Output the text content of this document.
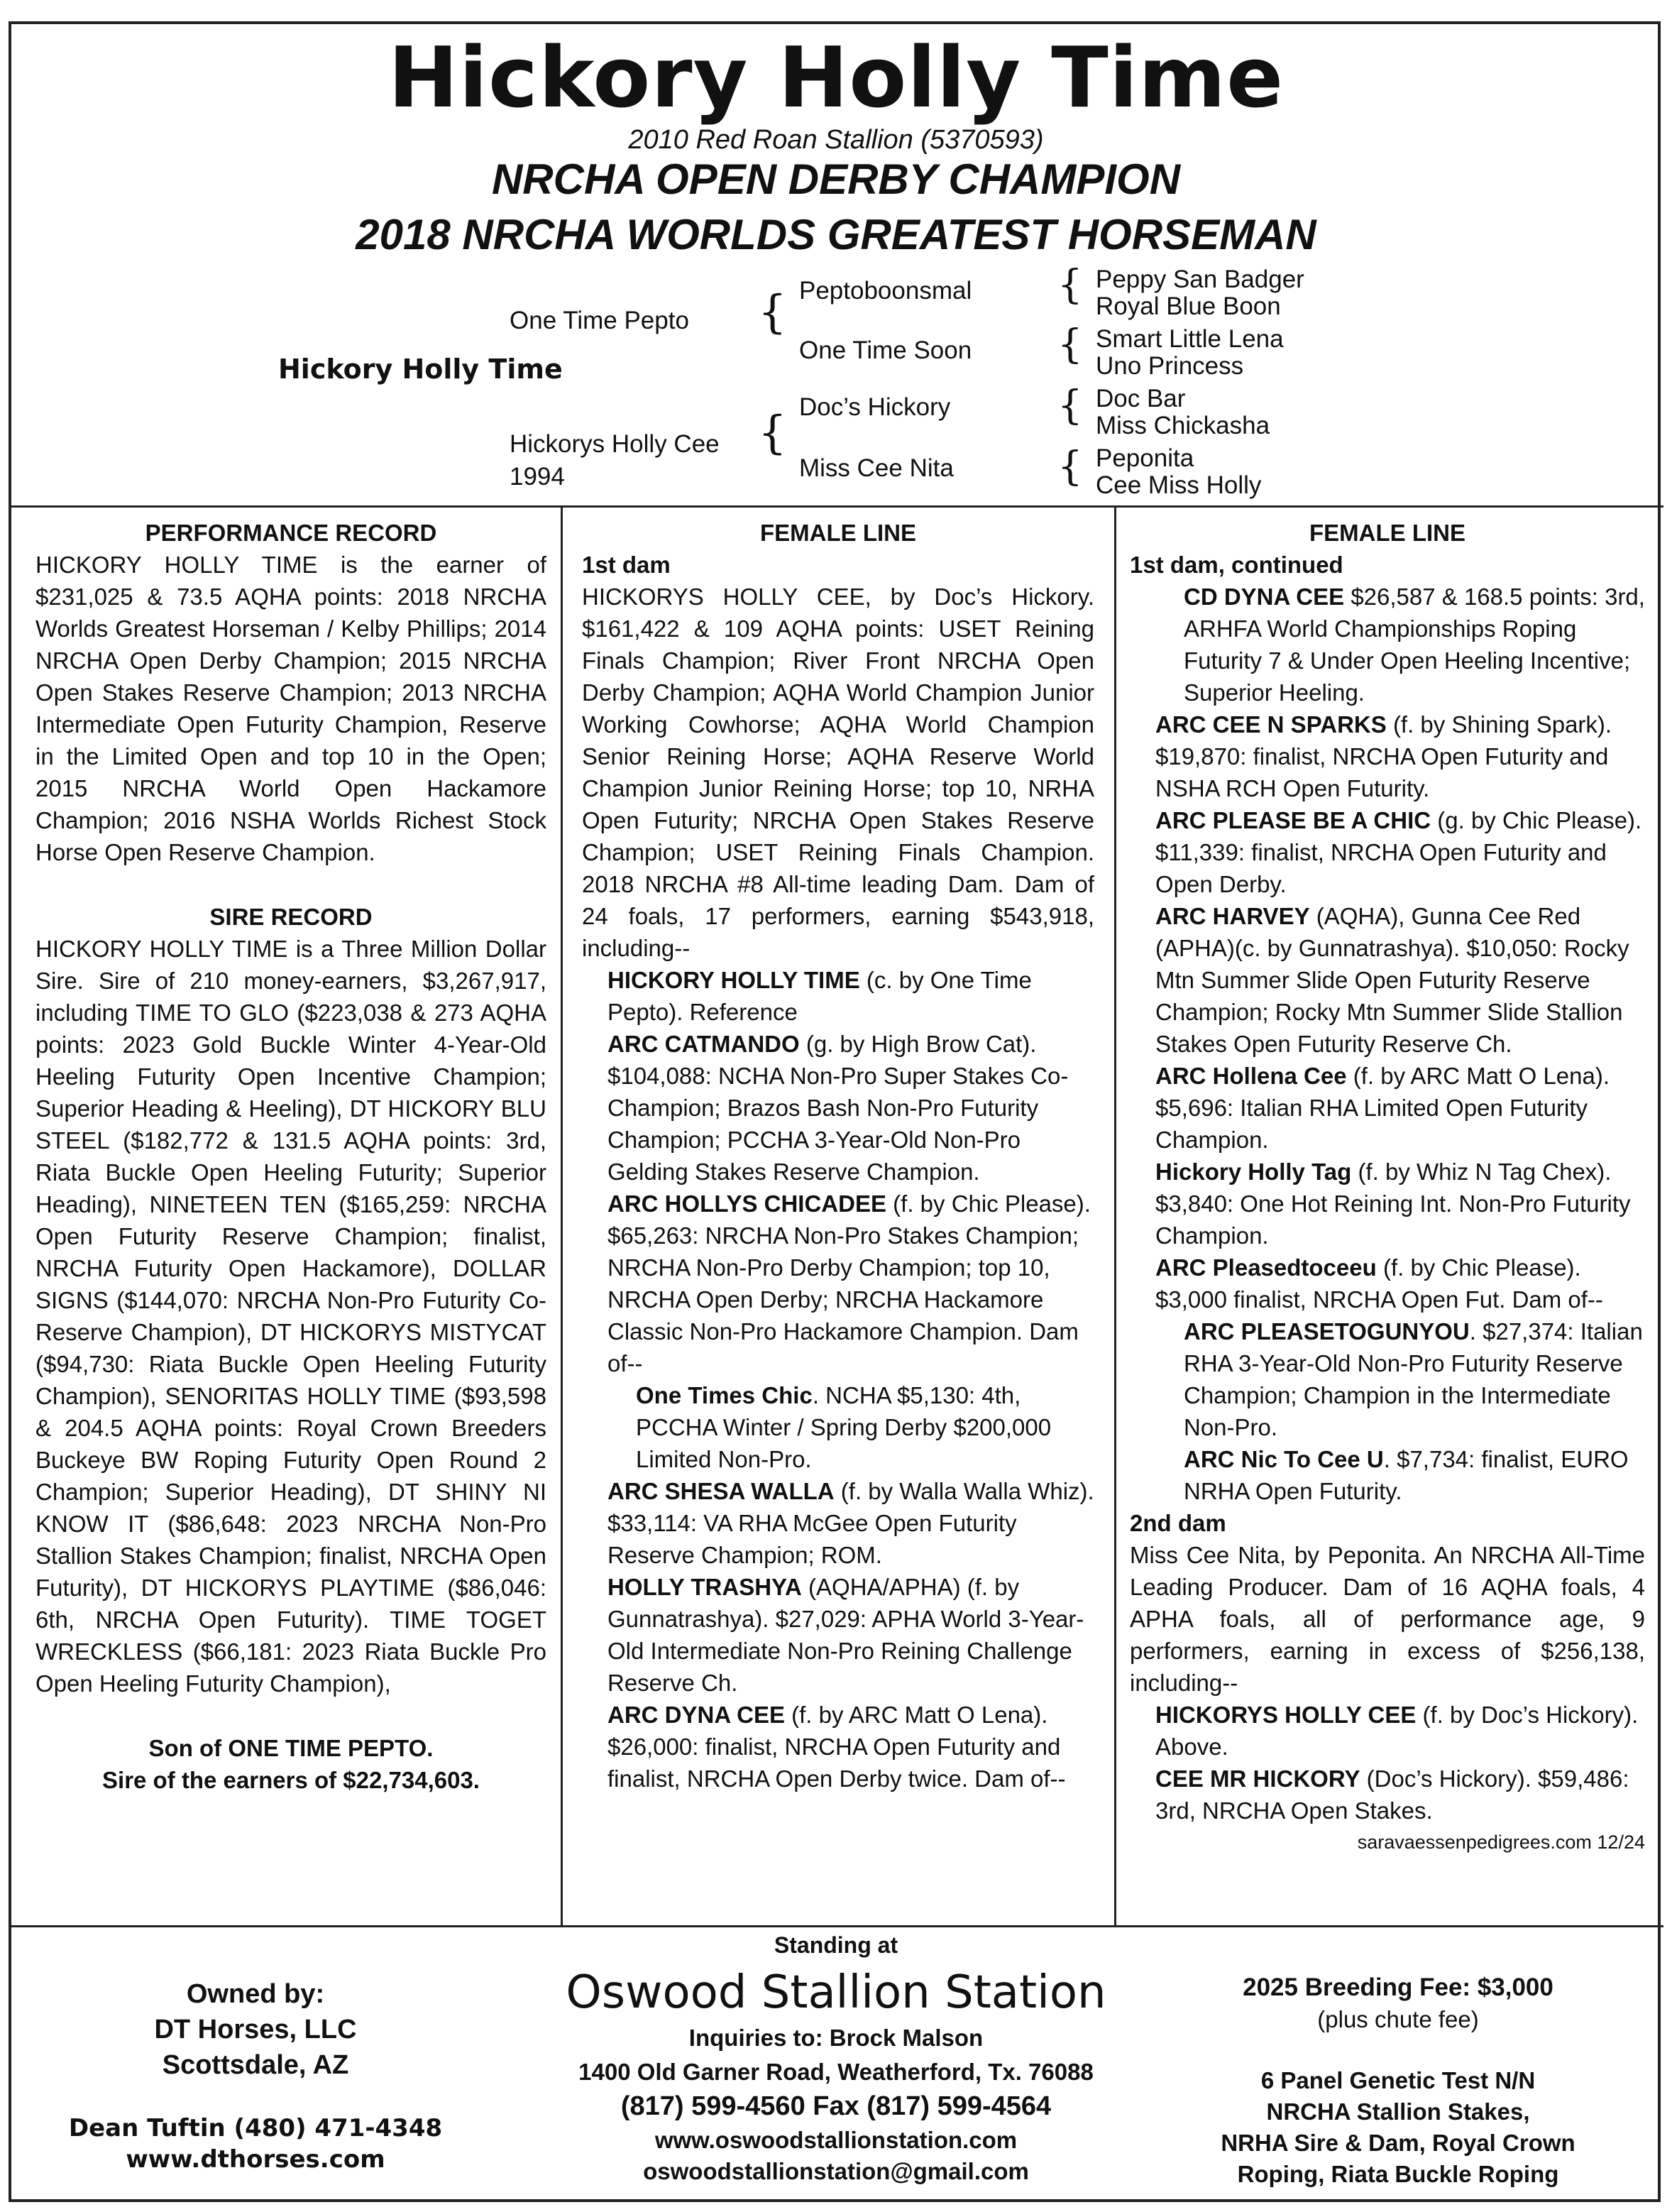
Hickory Holly Time
2010 Red Roan Stallion (5370593)
NRCHA OPEN DERBY CHAMPION
2018 NRCHA WORLDS GREATEST HORSEMAN
Hickory Holly Time
One Time Pepto
Hickorys Holly Cee
1994
{
{
Peptoboonsmal
One Time Soon
Doc’s Hickory
Miss Cee Nita
{
{
{
{
Peppy San Badger
Royal Blue Boon
Smart Little Lena
Uno Princess
Doc Bar
Miss Chickasha
Peponita
Cee Miss Holly
PERFORMANCE RECORD

HICKORY HOLLY TIME is the earner of $231,025 & 73.5 AQHA points: 2018 NRCHA Worlds Greatest Horseman / Kelby Phillips; 2014 NRCHA Open Derby Champion; 2015 NRCHA Open Stakes Reserve Champion; 2013 NRCHA Intermediate Open Futurity Champion, Reserve in the Limited Open and top 10 in the Open; 2015 NRCHA World Open Hackamore Champion; 2016 NSHA Worlds Richest Stock Horse Open Reserve Champion.

SIRE RECORD

HICKORY HOLLY TIME is a Three Million Dollar Sire. Sire of 210 money-earners, $3,267,917, including TIME TO GLO ($223,038 & 273 AQHA points: 2023 Gold Buckle Winter 4-Year-Old Heeling Futurity Open Incentive Champion; Superior Heading & Heeling), DT HICKORY BLU STEEL ($182,772 & 131.5 AQHA points: 3rd, Riata Buckle Open Heeling Futurity; Superior Heading), NINETEEN TEN ($165,259: NRCHA Open Futurity Reserve Champion; finalist, NRCHA Futurity Open Hackamore), DOLLAR SIGNS ($144,070: NRCHA Non-Pro Futurity Co-Reserve Champion), DT HICKORYS MISTYCAT ($94,730: Riata Buckle Open Heeling Futurity Champion), SENORITAS HOLLY TIME ($93,598 & 204.5 AQHA points: Royal Crown Breeders Buckeye BW Roping Futurity Open Round 2 Champion; Superior Heading), DT SHINY NI KNOW IT ($86,648: 2023 NRCHA Non-Pro Stallion Stakes Champion; finalist, NRCHA Open Futurity), DT HICKORYS PLAYTIME ($86,046: 6th, NRCHA Open Futurity). TIME TOGET WRECKLESS ($66,181: 2023 Riata Buckle Pro Open Heeling Futurity Champion),

Son of ONE TIME PEPTO.
Sire of the earners of $22,734,603.
FEMALE LINE
1st dam

HICKORYS HOLLY CEE, by Doc’s Hickory. $161,422 & 109 AQHA points: USET Reining Finals Champion; River Front NRCHA Open Derby Champion; AQHA World Champion Junior Working Cowhorse; AQHA World Champion Senior Reining Horse; AQHA Reserve World Champion Junior Reining Horse; top 10, NRHA Open Futurity; NRCHA Open Stakes Reserve Champion; USET Reining Finals Champion. 2018 NRCHA #8 All-time leading Dam. Dam of 24 foals, 17 performers, earning $543,918, including--

HICKORY HOLLY TIME (c. by One Time Pepto). Reference
ARC CATMANDO (g. by High Brow Cat). $104,088: NCHA Non-Pro Super Stakes Co-Champion; Brazos Bash Non-Pro Futurity Champion; PCCHA 3-Year-Old Non-Pro Gelding Stakes Reserve Champion.
ARC HOLLYS CHICADEE (f. by Chic Please). $65,263: NRCHA Non-Pro Stakes Champion; NRCHA Non-Pro Derby Champion; top 10, NRCHA Open Derby; NRCHA Hackamore Classic Non-Pro Hackamore Champion. Dam of--
One Times Chic. NCHA $5,130: 4th, PCCHA Winter / Spring Derby $200,000 Limited Non-Pro.
ARC SHESA WALLA (f. by Walla Walla Whiz). $33,114: VA RHA McGee Open Futurity Reserve Champion; ROM.
HOLLY TRASHYA (AQHA/APHA) (f. by Gunnatrashya). $27,029: APHA World 3-Year-Old Intermediate Non-Pro Reining Challenge Reserve Ch.
ARC DYNA CEE (f. by ARC Matt O Lena). $26,000: finalist, NRCHA Open Futurity and finalist, NRCHA Open Derby twice. Dam of--
FEMALE LINE
1st dam, continued
CD DYNA CEE $26,587 & 168.5 points: 3rd, ARHFA World Championships Roping Futurity 7 & Under Open Heeling Incentive; Superior Heeling.
ARC CEE N SPARKS (f. by Shining Spark). $19,870: finalist, NRCHA Open Futurity and NSHA RCH Open Futurity.
ARC PLEASE BE A CHIC (g. by Chic Please). $11,339: finalist, NRCHA Open Futurity and Open Derby.
ARC HARVEY (AQHA), Gunna Cee Red (APHA)(c. by Gunnatrashya). $10,050: Rocky Mtn Summer Slide Open Futurity Reserve Champion; Rocky Mtn Summer Slide Stallion Stakes Open Futurity Reserve Ch.
ARC Hollena Cee (f. by ARC Matt O Lena). $5,696: Italian RHA Limited Open Futurity Champion.
Hickory Holly Tag (f. by Whiz N Tag Chex). $3,840: One Hot Reining Int. Non-Pro Futurity Champion.
ARC Pleasedtoceeu (f. by Chic Please). $3,000 finalist, NRCHA Open Fut. Dam of--
ARC PLEASETOGUNYOU. $27,374: Italian RHA 3-Year-Old Non-Pro Futurity Reserve Champion; Champion in the Intermediate Non-Pro.
ARC Nic To Cee U. $7,734: finalist, EURO NRHA Open Futurity.
2nd dam

Miss Cee Nita, by Peponita. An NRCHA All-Time Leading Producer. Dam of 16 AQHA foals, 4 APHA foals, all of performance age, 9 performers, earning in excess of $256,138, including--

HICKORYS HOLLY CEE (f. by Doc’s Hickory). Above.
CEE MR HICKORY (Doc’s Hickory). $59,486: 3rd, NRCHA Open Stakes.
saravaessenpedigrees.com 12/24
Standing at
Oswood Stallion Station
Inquiries to: Brock Malson
1400 Old Garner Road, Weatherford, Tx. 76088
(817) 599-4560 Fax (817) 599-4564
www.oswoodstallionstation.com
oswoodstallionstation@gmail.com
Owned by:
DT Horses, LLC
Scottsdale, AZ
Dean Tuftin (480) 471-4348
www.dthorses.com
2025 Breeding Fee: $3,000
(plus chute fee)
6 Panel Genetic Test N/N
NRCHA Stallion Stakes,
NRHA Sire & Dam, Royal Crown
Roping, Riata Buckle Roping
